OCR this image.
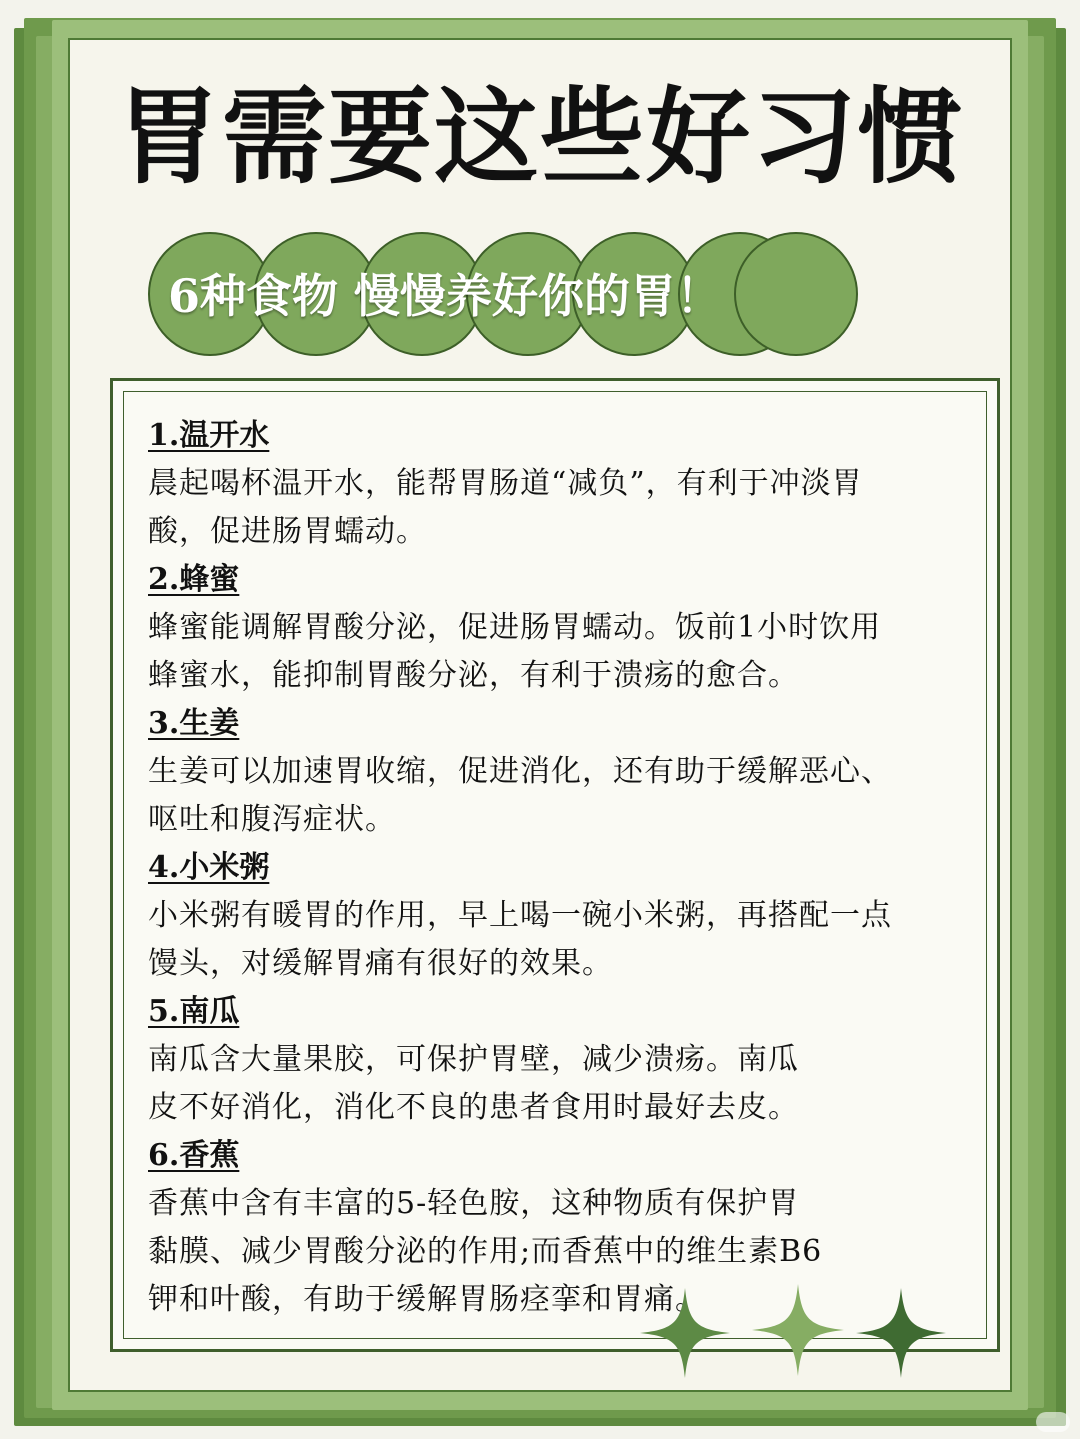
胃需要这些好习惯
6种食物 慢慢养好你的胃！

1.温开水

晨起喝杯温开水，能帮胃肠道“减负”，有利于冲淡胃

酸，促进肠胃蠕动。

2.蜂蜜

蜂蜜能调解胃酸分泌，促进肠胃蠕动。饭前1小时饮用

蜂蜜水，能抑制胃酸分泌，有利于溃疡的愈合。

3.生姜

生姜可以加速胃收缩，促进消化，还有助于缓解恶心、

呕吐和腹泻症状。

4.小米粥

小米粥有暖胃的作用，早上喝一碗小米粥，再搭配一点

馒头，对缓解胃痛有很好的效果。

5.南瓜

南瓜含大量果胶，可保护胃壁，减少溃疡。南瓜

皮不好消化，消化不良的患者食用时最好去皮。

6.香蕉

香蕉中含有丰富的5-轻色胺，这种物质有保护胃

黏膜、减少胃酸分泌的作用;而香蕉中的维生素B6

钾和叶酸，有助于缓解胃肠痉挛和胃痛。
